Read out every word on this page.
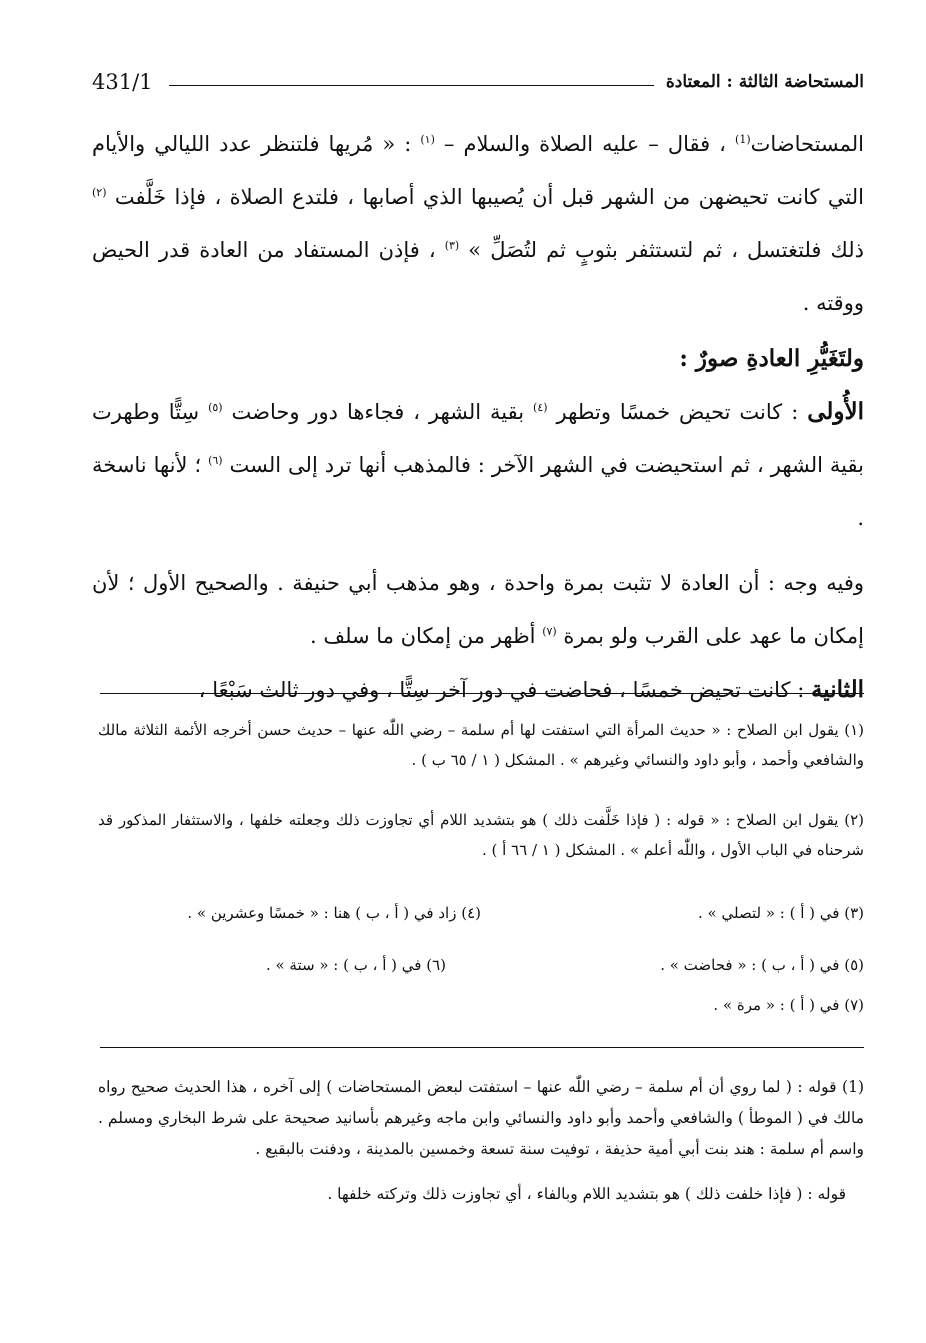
المستحاضة الثالثة : المعتادة
431/1

المستحاضات$^{(1)}$ ، فقال – عليه الصلاة والسلام – $^{(١)}$ : « مُريها فلتنظر عدد الليالي والأيام التي كانت تحيضهن من الشهر قبل أن يُصيبها الذي أصابها ، فلتدع الصلاة ، فإذا خَلَّفت $^{(٢)}$ ذلك فلتغتسل ، ثم لتستثفر بثوبٍ ثم لتُصَلِّ » $^{(٣)}$ ، فإذن المستفاد من العادة قدر الحيض ووقته .

ولتَغَيُّرِ العادةِ صورٌ :

الأُولى : كانت تحيض خمسًا وتطهر $^{(٤)}$ بقية الشهر ، فجاءها دور وحاضت $^{(٥)}$ سِتًّا وطهرت بقية الشهر ، ثم استحيضت في الشهر الآخر : فالمذهب أنها ترد إلى الست $^{(٦)}$ ؛ لأنها ناسخة .

وفيه وجه : أن العادة لا تثبت بمرة واحدة ، وهو مذهب أبي حنيفة . والصحيح الأول ؛ لأن إمكان ما عهد على القرب ولو بمرة $^{(٧)}$ أظهر من إمكان ما سلف .

الثانية : كانت تحيض خمسًا ، فحاضت في دور آخر سِتًّا ، وفي دور ثالث سَبْعًا ،

(١) يقول ابن الصلاح : « حديث المرأة التي استفتت لها أم سلمة – رضي اللّٰه عنها – حديث حسن أخرجه الأئمة الثلاثة مالك والشافعي وأحمد ، وأبو داود والنسائي وغيرهم » . المشكل ( ١ / ٦٥ ب ) .

(٢) يقول ابن الصلاح : « قوله : ( فإذا خَلَّفت ذلك ) هو بتشديد اللام أي تجاوزت ذلك وجعلته خلفها ، والاستثفار المذكور قد شرحناه في الباب الأول ، واللّٰه أعلم » . المشكل ( ١ / ٦٦ أ ) .

(٣) في ( أ ) : « لتصلي » .
(٤) زاد في ( أ ، ب ) هنا : « خمسًا وعشرين » .
(٥) في ( أ ، ب ) : « فحاضت » .
(٦) في ( أ ، ب ) : « ستة » .
(٧) في ( أ ) : « مرة » .

(1) قوله : ( لما روي أن أم سلمة – رضي اللّٰه عنها – استفتت لبعض المستحاضات ) إلى آخره ، هذا الحديث صحيح رواه مالك في ( الموطأ ) والشافعي وأحمد وأبو داود والنسائي وابن ماجه وغيرهم بأسانيد صحيحة على شرط البخاري ومسلم . واسم أم سلمة : هند بنت أبي أمية حذيفة ، توفيت سنة تسعة وخمسين بالمدينة ، ودفنت بالبقيع .

قوله : ( فإذا خلفت ذلك ) هو بتشديد اللام وبالفاء ، أي تجاوزت ذلك وتركته خلفها .
